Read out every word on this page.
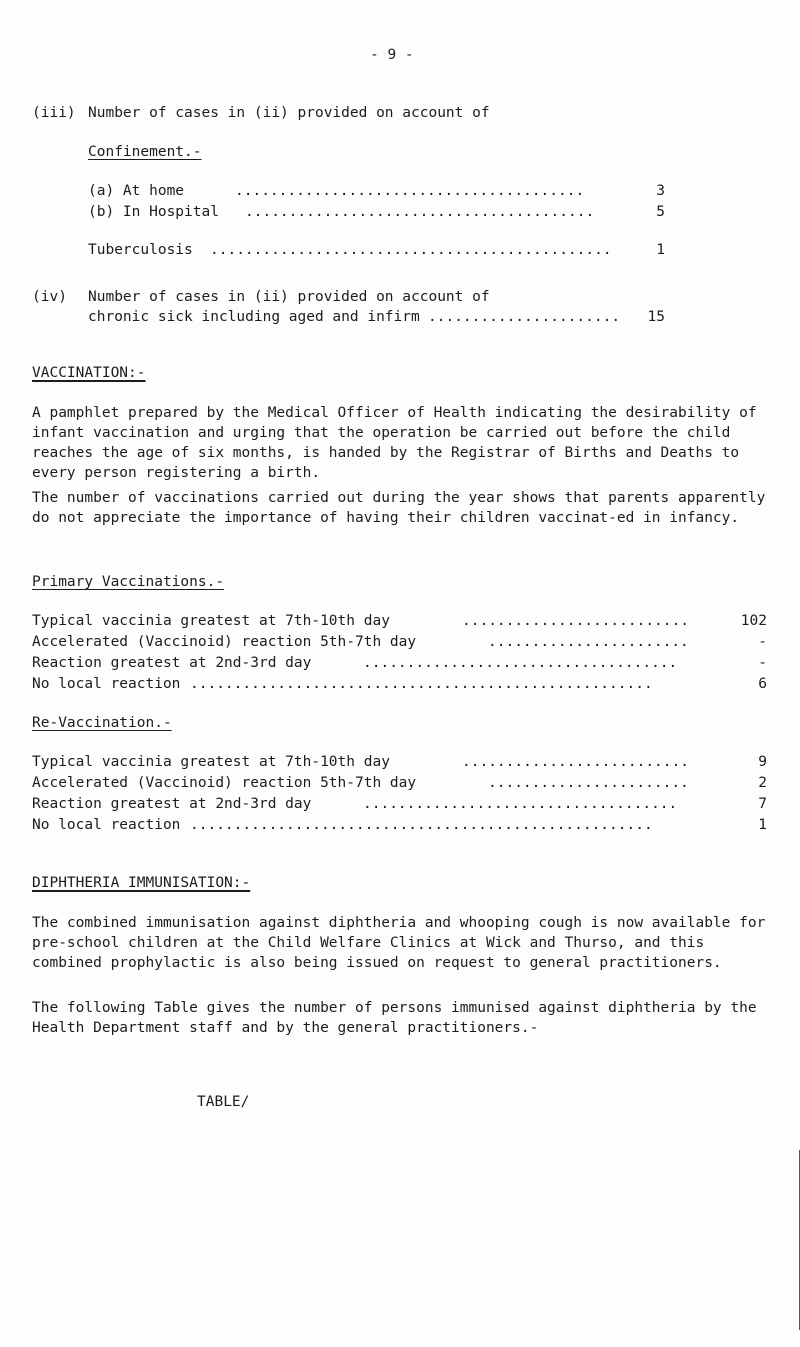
- 9 -
(iii) Number of cases in (ii) provided on account of
Confinement.-
(a) At home	........................................	3
(b) In Hospital ........................................	5
Tuberculosis ..............................................	1
(iv) Number of cases in (ii) provided on account of
chronic sick including aged and infirm ......................	15
VACCINATION:-
A pamphlet prepared by the Medical Officer of Health indicating the desirability of infant vaccination and urging that the operation be carried out before the child reaches the age of six months, is handed by the Registrar of Births and Deaths to every person registering a birth.
The number of vaccinations carried out during the year shows that parents apparently do not appreciate the importance of having their children vaccinat-ed in infancy.
Primary Vaccinations.-
Typical vaccinia greatest at 7th-10th day	..........................	102
Accelerated (Vaccinoid) reaction 5th-7th day	.......................	-
Reaction greatest at 2nd-3rd day	....................................	-
No local reaction .....................................................	6
Re-Vaccination.-
Typical vaccinia greatest at 7th-10th day	..........................	9
Accelerated (Vaccinoid) reaction 5th-7th day	.......................	2
Reaction greatest at 2nd-3rd day	....................................	7
No local reaction .....................................................	1
DIPHTHERIA IMMUNISATION:-
The combined immunisation against diphtheria and whooping cough is now available for pre-school children at the Child Welfare Clinics at Wick and Thurso, and this combined prophylactic is also being issued on request to general practitioners.
The following Table gives the number of persons immunised against diphtheria by the Health Department staff and by the general practitioners.-
TABLE/
